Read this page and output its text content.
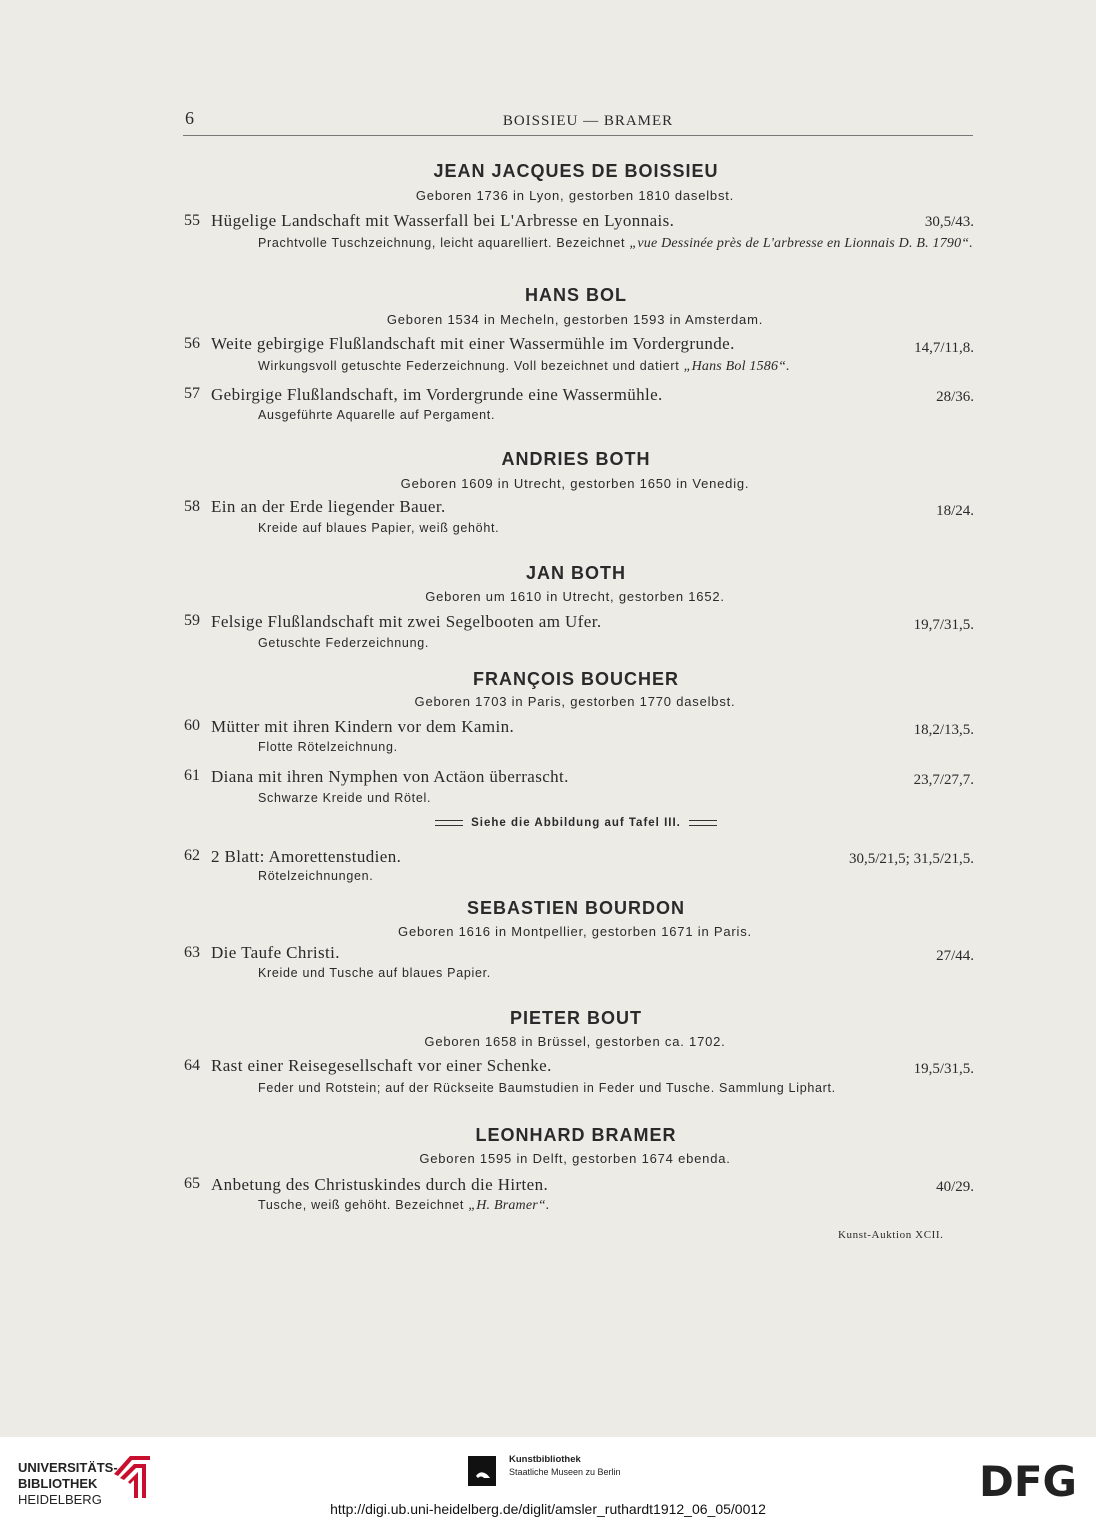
6	BOISSIEU — BRAMER
JEAN JACQUES DE BOISSIEU
Geboren 1736 in Lyon, gestorben 1810 daselbst.
55 Hügelige Landschaft mit Wasserfall bei L'Arbresse en Lyonnais.	30,5/43.
Prachtvolle Tuschzeichnung, leicht aquarelliert. Bezeichnet „vue Dessinée près de L'arbresse en Lionnais D. B. 1790“.
HANS BOL
Geboren 1534 in Mecheln, gestorben 1593 in Amsterdam.
56 Weite gebirgige Flußlandschaft mit einer Wassermühle im Vordergrunde.	14,7/11,8.
Wirkungsvoll getuschte Federzeichnung. Voll bezeichnet und datiert „Hans Bol 1586“.
57 Gebirgige Flußlandschaft, im Vordergrunde eine Wassermühle.	28/36.
Ausgeführte Aquarelle auf Pergament.
ANDRIES BOTH
Geboren 1609 in Utrecht, gestorben 1650 in Venedig.
58 Ein an der Erde liegender Bauer.	18/24.
Kreide auf blaues Papier, weiß gehöht.
JAN BOTH
Geboren um 1610 in Utrecht, gestorben 1652.
59 Felsige Flußlandschaft mit zwei Segelbooten am Ufer.	19,7/31,5.
Getuschte Federzeichnung.
FRANÇOIS BOUCHER
Geboren 1703 in Paris, gestorben 1770 daselbst.
60 Mütter mit ihren Kindern vor dem Kamin.	18,2/13,5.
Flotte Rötelzeichnung.
61 Diana mit ihren Nymphen von Actäon überrascht.	23,7/27,7.
Schwarze Kreide und Rötel.
Siehe die Abbildung auf Tafel III.
62 2 Blatt: Amorettenstudien.	30,5/21,5; 31,5/21,5.
Rötelzeichnungen.
SEBASTIEN BOURDON
Geboren 1616 in Montpellier, gestorben 1671 in Paris.
63 Die Taufe Christi.	27/44.
Kreide und Tusche auf blaues Papier.
PIETER BOUT
Geboren 1658 in Brüssel, gestorben ca. 1702.
64 Rast einer Reisegesellschaft vor einer Schenke.	19,5/31,5.
Feder und Rotstein; auf der Rückseite Baumstudien in Feder und Tusche. Sammlung Liphart.
LEONHARD BRAMER
Geboren 1595 in Delft, gestorben 1674 ebenda.
65 Anbetung des Christuskindes durch die Hirten.	40/29.
Tusche, weiß gehöht. Bezeichnet „H. Bramer“.
Kunst-Auktion XCII.
UNIVERSITÄTS-
BIBLIOTHEK
HEIDELBERG
Kunstbibliothek
Staatliche Museen zu Berlin
http://digi.ub.uni-heidelberg.de/diglit/amsler_ruthardt1912_06_05/0012
DFG
